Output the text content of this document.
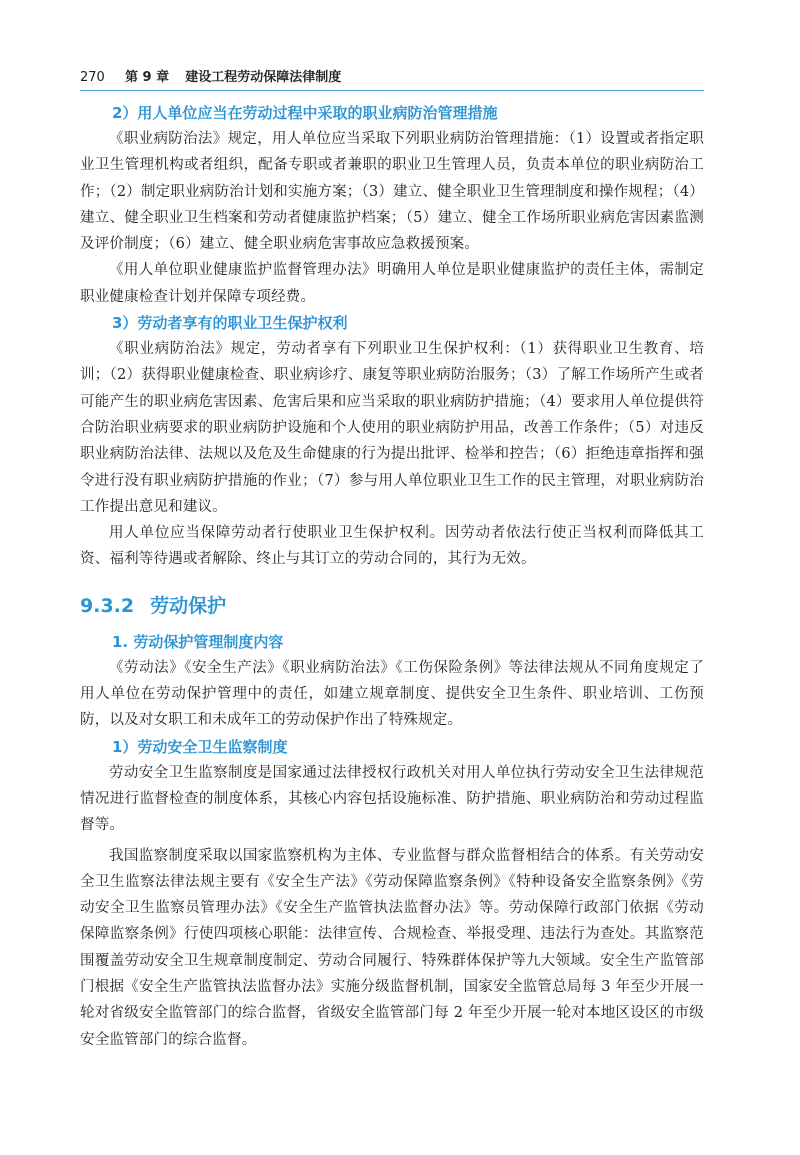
270 第 9 章 建设工程劳动保障法律制度
2）用人单位应当在劳动过程中采取的职业病防治管理措施

《职业病防治法》规定，用人单位应当采取下列职业病防治管理措施：（1）设置或者指定职业卫生管理机构或者组织，配备专职或者兼职的职业卫生管理人员，负责本单位的职业病防治工作；（2）制定职业病防治计划和实施方案；（3）建立、健全职业卫生管理制度和操作规程；（4）建立、健全职业卫生档案和劳动者健康监护档案；（5）建立、健全工作场所职业病危害因素监测及评价制度；（6）建立、健全职业病危害事故应急救援预案。

《用人单位职业健康监护监督管理办法》明确用人单位是职业健康监护的责任主体，需制定职业健康检查计划并保障专项经费。

3）劳动者享有的职业卫生保护权利

《职业病防治法》规定，劳动者享有下列职业卫生保护权利：（1）获得职业卫生教育、培训；（2）获得职业健康检查、职业病诊疗、康复等职业病防治服务；（3）了解工作场所产生或者可能产生的职业病危害因素、危害后果和应当采取的职业病防护措施；（4）要求用人单位提供符合防治职业病要求的职业病防护设施和个人使用的职业病防护用品，改善工作条件；（5）对违反职业病防治法律、法规以及危及生命健康的行为提出批评、检举和控告；（6）拒绝违章指挥和强令进行没有职业病防护措施的作业；（7）参与用人单位职业卫生工作的民主管理，对职业病防治工作提出意见和建议。

用人单位应当保障劳动者行使职业卫生保护权利。因劳动者依法行使正当权利而降低其工资、福利等待遇或者解除、终止与其订立的劳动合同的，其行为无效。

9.3.2 劳动保护
1. 劳动保护管理制度内容

《劳动法》《安全生产法》《职业病防治法》《工伤保险条例》等法律法规从不同角度规定了用人单位在劳动保护管理中的责任，如建立规章制度、提供安全卫生条件、职业培训、工伤预防，以及对女职工和未成年工的劳动保护作出了特殊规定。

1）劳动安全卫生监察制度

劳动安全卫生监察制度是国家通过法律授权行政机关对用人单位执行劳动安全卫生法律规范情况进行监督检查的制度体系，其核心内容包括设施标准、防护措施、职业病防治和劳动过程监督等。

我国监察制度采取以国家监察机构为主体、专业监督与群众监督相结合的体系。有关劳动安全卫生监察法律法规主要有《安全生产法》《劳动保障监察条例》《特种设备安全监察条例》《劳动安全卫生监察员管理办法》《安全生产监管执法监督办法》等。劳动保障行政部门依据《劳动保障监察条例》行使四项核心职能：法律宣传、合规检查、举报受理、违法行为查处。其监察范围覆盖劳动安全卫生规章制度制定、劳动合同履行、特殊群体保护等九大领域。安全生产监管部门根据《安全生产监管执法监督办法》实施分级监督机制，国家安全监管总局每 3 年至少开展一轮对省级安全监管部门的综合监督，省级安全监管部门每 2 年至少开展一轮对本地区设区的市级安全监管部门的综合监督。
